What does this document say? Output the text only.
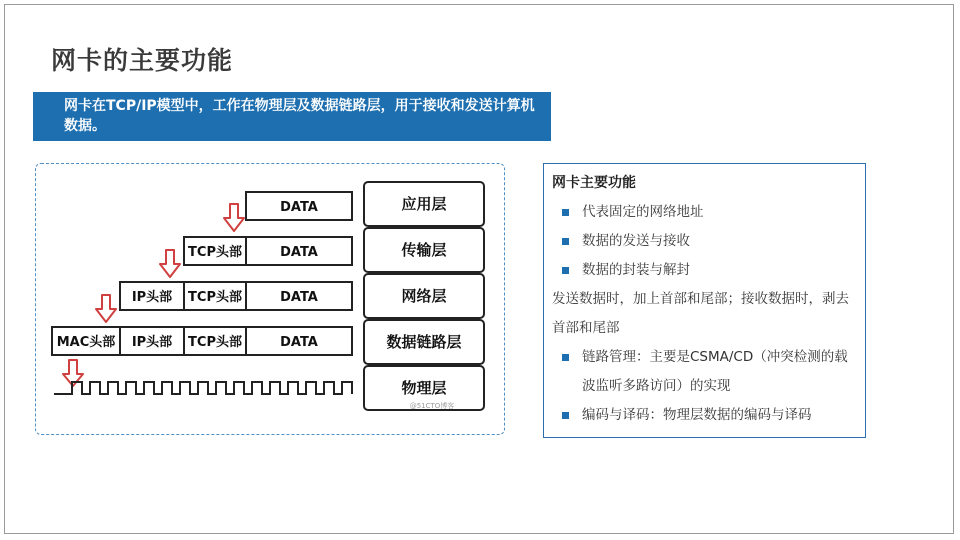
网卡的主要功能
网卡在TCP/IP模型中，工作在物理层及数据链路层，用于接收和发送计算机数据。
应用层
传输层
网络层
数据链路层
物理层
DATA
TCP头部	DATA
IP头部 TCP头部	DATA
MAC头部 IP头部 TCP头部	DATA
@51CTO博客
网卡主要功能
代表固定的网络地址
数据的发送与接收
数据的封装与解封
发送数据时，加上首部和尾部；接收数据时，剥去首部和尾部
链路管理：主要是CSMA/CD（冲突检测的载波监听多路访问）的实现
编码与译码：物理层数据的编码与译码
